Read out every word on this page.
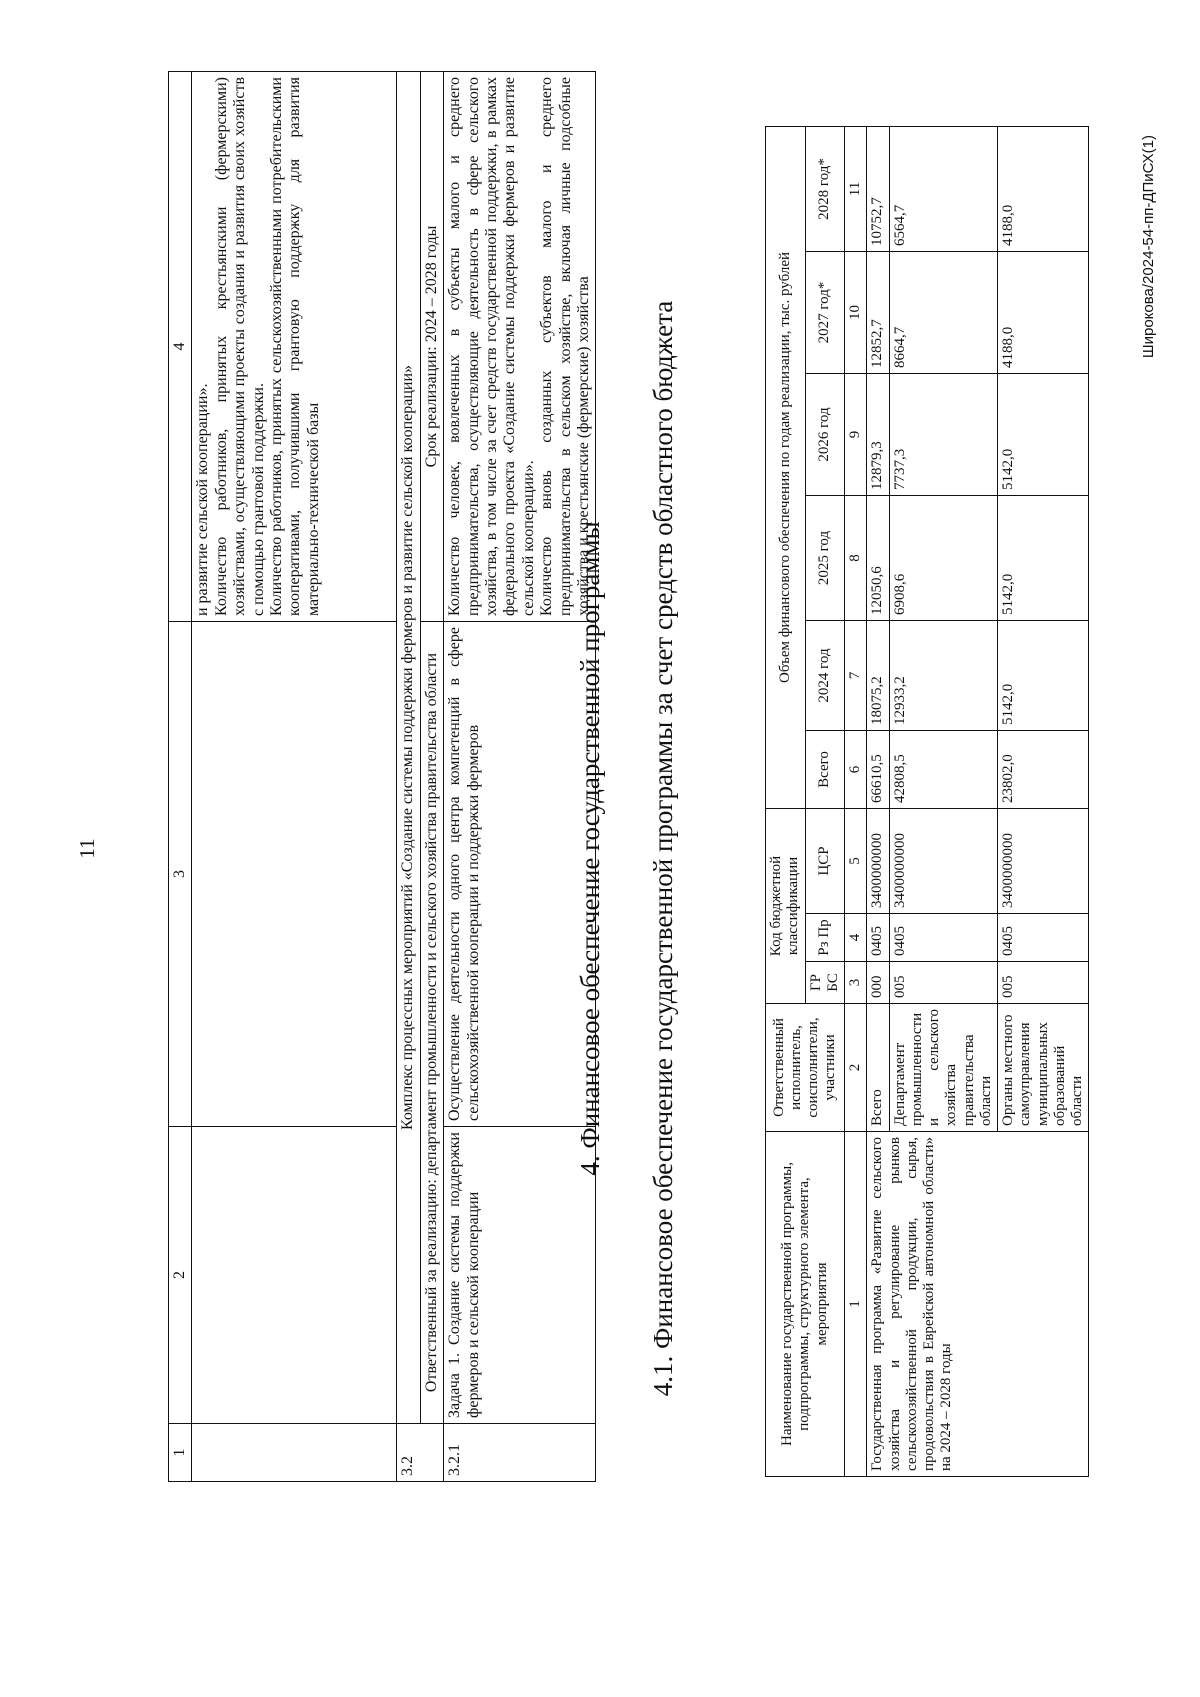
11
1	2	3	4

			и развитие сельской кооперации». Количество работников, принятых крестьянскими (фермерскими) хозяйствами, осуществляющими проекты создания и развития своих хозяйств с помощью грантовой поддержки. Количество работников, принятых сельскохозяйственными потребительскими кооперативами, получившими грантовую поддержку для развития материально-технической базы

3.2	Комплекс процессных мероприятий «Создание системы поддержки фермеров и развитие сельской кооперации»		
	Ответственный за реализацию: департамент промышленности и сельского хозяйства правительства области		Срок реализации: 2024 – 2028 годы
3.2.1	Задача 1. Создание системы поддержки фермеров и сельской кооперации	Осуществление деятельности одного центра компетенций в сфере сельскохозяйственной кооперации и поддержки фермеров	Количество человек, вовлеченных в субъекты малого и среднего предпринимательства, осуществляющие деятельность в сфере сельского хозяйства, в том числе за счет средств государственной поддержки, в рамках федерального проекта «Создание системы поддержки фермеров и развитие сельской кооперации». Количество вновь созданных субъектов малого и среднего предпринимательства в сельском хозяйстве, включая личные подсобные хозяйства и крестьянские (фермерские) хозяйства
4. Финансовое обеспечение государственной программы 4.1. Финансовое обеспечение государственной программы за счет средств областного бюджета	Наименование государственной программы, подпрограммы, структурного элемента, мероприятия	Ответственный исполнитель, соисполнители, участники	Код бюджетной классификации			Объем финансового обеспечения по годам реализации, тыс. рублей					
		ГР БС	Рз Пр	ЦСР	Всего	2024 год	2025 год	2026 год	2027 год*	2028 год*
1	2	3	4	5	6	7	8	9	10	11
Государственная программа «Развитие сельского хозяйства и регулирование рынков сельскохозяйственной продукции, сырья, продовольствия в Еврейской автономной области» на 2024 – 2028 годы	Всего	000	0405	3400000000	66610,5	18075,2	12050,6	12879,3	12852,7	10752,7
	Департамент промышленности и сельского хозяйства правительства области	005	0405	3400000000	42808,5	12933,2	6908,6	7737,3	8664,7	6564,7
	Органы местного самоуправления муниципальных образований области	005	0405	3400000000	23802,0	5142,0	5142,0	5142,0	4188,0	4188,0	Широкова/2024-54-пп-ДПиСХ(1)
